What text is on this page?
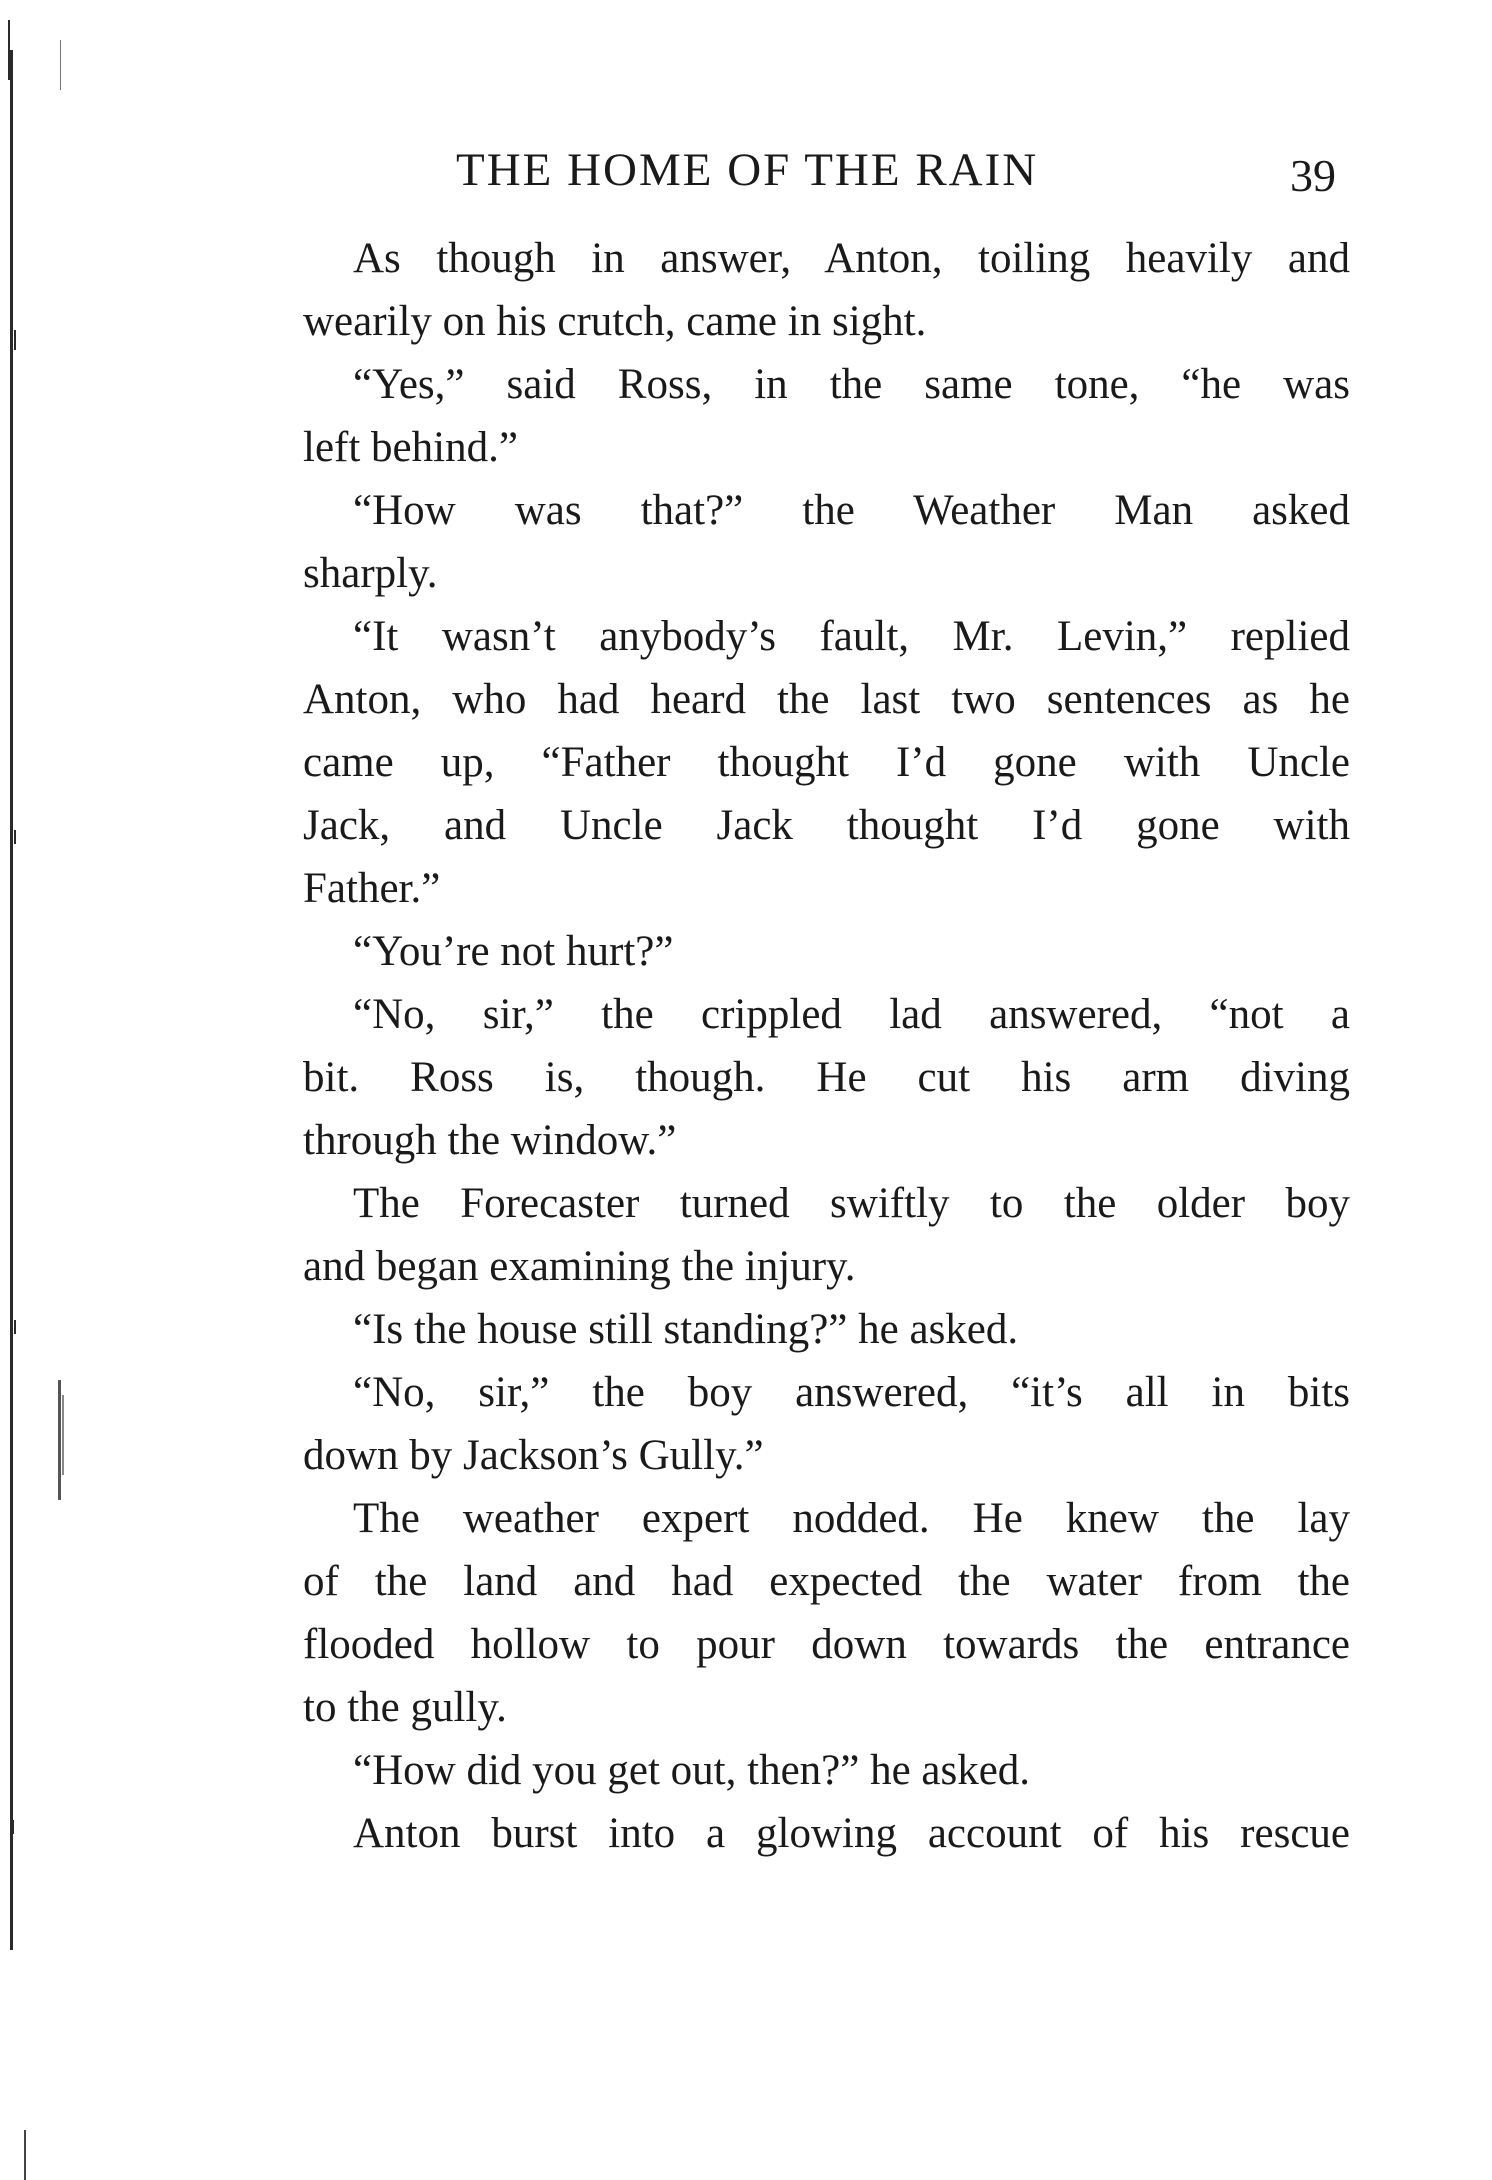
THE HOME OF THE RAIN	39
As though in answer, Anton, toiling heavily and
wearily on his crutch, came in sight.
“Yes,” said Ross, in the same tone, “he was
left behind.”
“How was that?” the Weather Man asked
sharply.
“It wasn’t anybody’s fault, Mr. Levin,” replied
Anton, who had heard the last two sentences as he
came up, “Father thought I’d gone with Uncle
Jack, and Uncle Jack thought I’d gone with
Father.”
“You’re not hurt?”
“No, sir,” the crippled lad answered, “not a
bit. Ross is, though. He cut his arm diving
through the window.”
The Forecaster turned swiftly to the older boy
and began examining the injury.
“Is the house still standing?” he asked.
“No, sir,” the boy answered, “it’s all in bits
down by Jackson’s Gully.”
The weather expert nodded. He knew the lay
of the land and had expected the water from the
flooded hollow to pour down towards the entrance
to the gully.
“How did you get out, then?” he asked.
Anton burst into a glowing account of his rescue
